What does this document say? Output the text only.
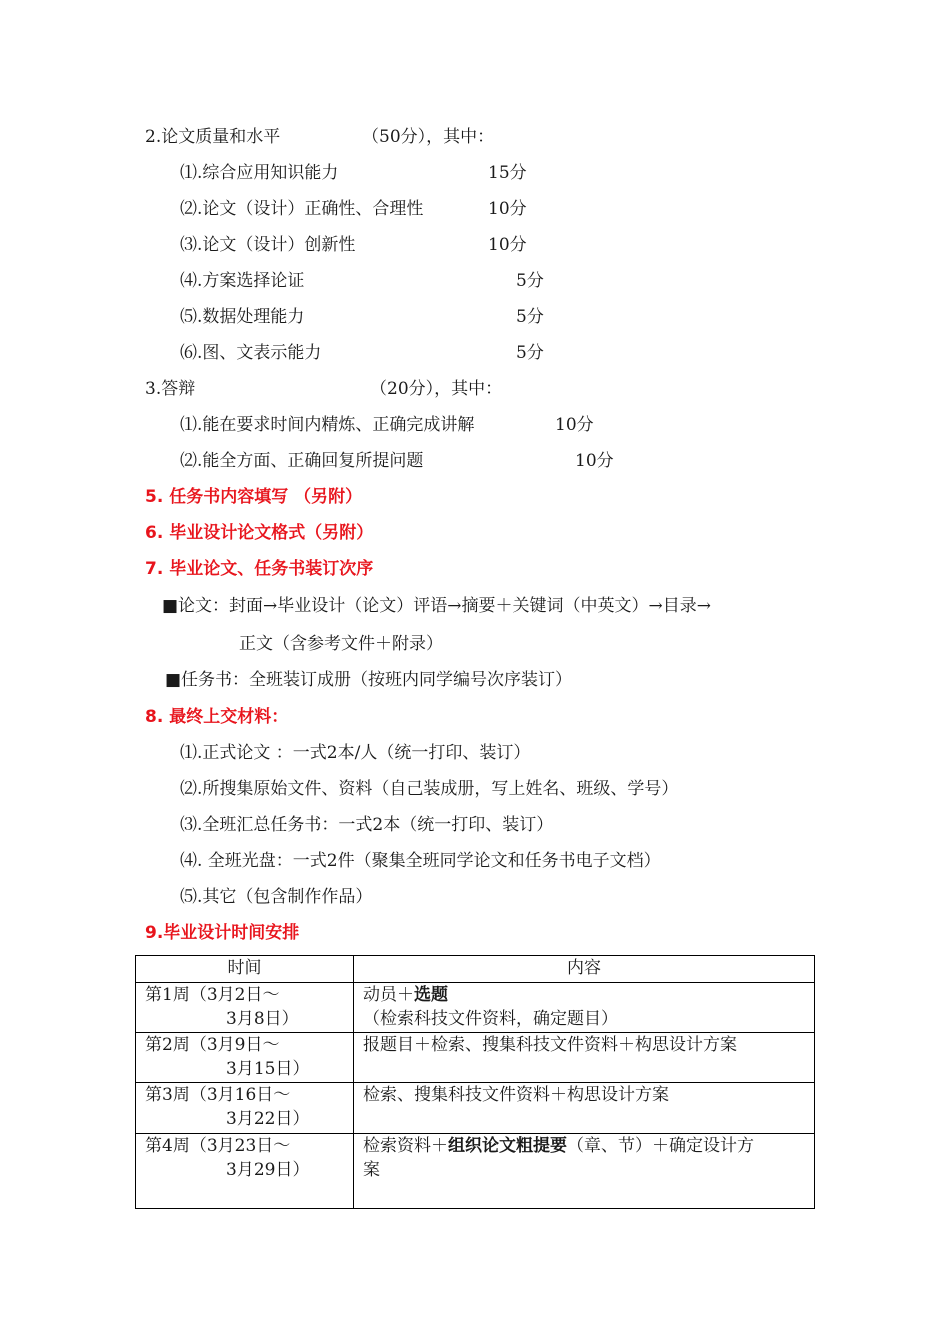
2.论文质量和水平	（50分），其中：
⑴.综合应用知识能力	15分
⑵.论文（设计）正确性、合理性	10分
⑶.论文（设计）创新性	10分
⑷.方案选择论证	5分
⑸.数据处理能力	5分
⑹.图、文表示能力	5分
3.答辩	（20分），其中：
⑴.能在要求时间内精炼、正确完成讲解	10分
⑵.能全方面、正确回复所提问题	10分
5. 任务书内容填写 （另附）
6. 毕业设计论文格式（另附）
7. 毕业论文、任务书装订次序
■论文：封面→毕业设计（论文）评语→摘要＋关键词（中英文）→目录→
正文（含参考文件＋附录）
■任务书：全班装订成册（按班内同学编号次序装订）
8. 最终上交材料：
⑴.正式论文 ：一式2本/人（统一打印、装订）
⑵.所搜集原始文件、资料（自己装成册，写上姓名、班级、学号）
⑶.全班汇总任务书：一式2本（统一打印、装订）
⑷. 全班光盘：一式2件（聚集全班同学论文和任务书电子文档）
⑸.其它（包含制作作品）
9.毕业设计时间安排
时间	内容

第1周（3月2日～
3月8日）	动员＋选题
（检索科技文件资料，确定题目）

第2周（3月9日～
3月15日）	报题目＋检索、搜集科技文件资料＋构思设计方案

第3周（3月16日～
3月22日）	检索、搜集科技文件资料＋构思设计方案

第4周（3月23日～
3月29日）	检索资料＋组织论文粗提要（章、节）＋确定设计方
案
